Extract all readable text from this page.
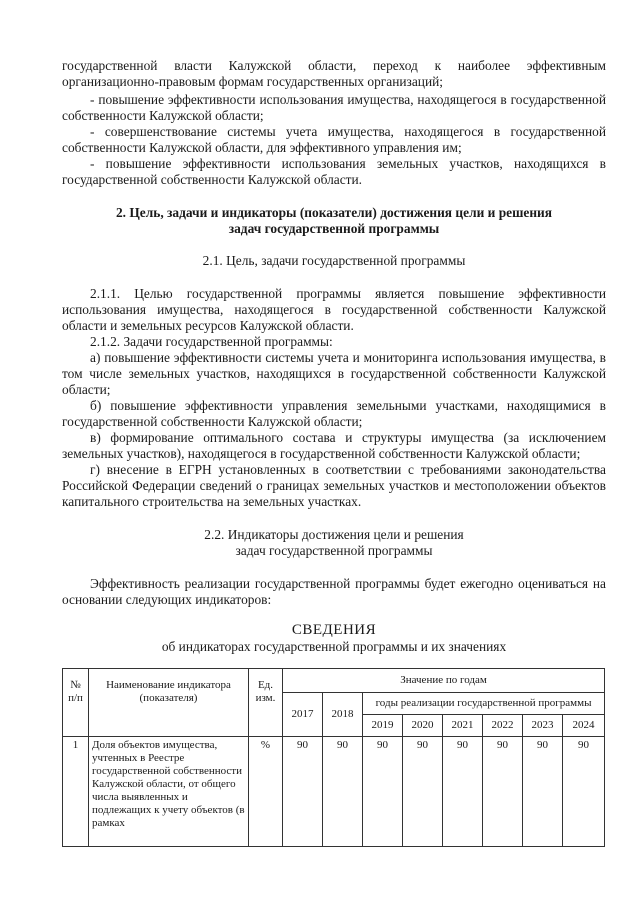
государственной власти Калужской области, переход к наиболее эффективным организационно-правовым формам государственных организаций;
- повышение эффективности использования имущества, находящегося в государственной собственности Калужской области;
- совершенствование системы учета имущества, находящегося в государственной собственности Калужской области, для эффективного управления им;
- повышение эффективности использования земельных участков, находящихся в государственной собственности Калужской области.
2. Цель, задачи и индикаторы (показатели) достижения цели и решения
задач государственной программы
2.1. Цель, задачи государственной программы
2.1.1. Целью государственной программы является повышение эффективности использования имущества, находящегося в государственной собственности Калужской области и земельных ресурсов Калужской области.
2.1.2. Задачи государственной программы:
а) повышение эффективности системы учета и мониторинга использования имущества, в том числе земельных участков, находящихся в государственной собственности Калужской области;
б) повышение эффективности управления земельными участками, находящимися в государственной собственности Калужской области;
в) формирование оптимального состава и структуры имущества (за исключением земельных участков), находящегося в государственной собственности Калужской области;
г) внесение в ЕГРН установленных в соответствии с требованиями законодательства Российской Федерации сведений о границах земельных участков и местоположении объектов капитального строительства на земельных участках.
2.2. Индикаторы достижения цели и решения
задач государственной программы
Эффективность реализации государственной программы будет ежегодно оцениваться на основании следующих индикаторов:
СВЕДЕНИЯ
об индикаторах государственной программы и их значениях
№ п/п	Наименование индикатора (показателя)	Ед. изм.	Значение по годам							
			2017	2018	годы реализации государственной программы					
					2019	2020	2021	2022	2023	2024
1	Доля объектов имущества, учтенных в Реестре государственной собственности Калужской области, от общего числа выявленных и подлежащих к учету объектов (в рамках	%	90	90	90	90	90	90	90	90
